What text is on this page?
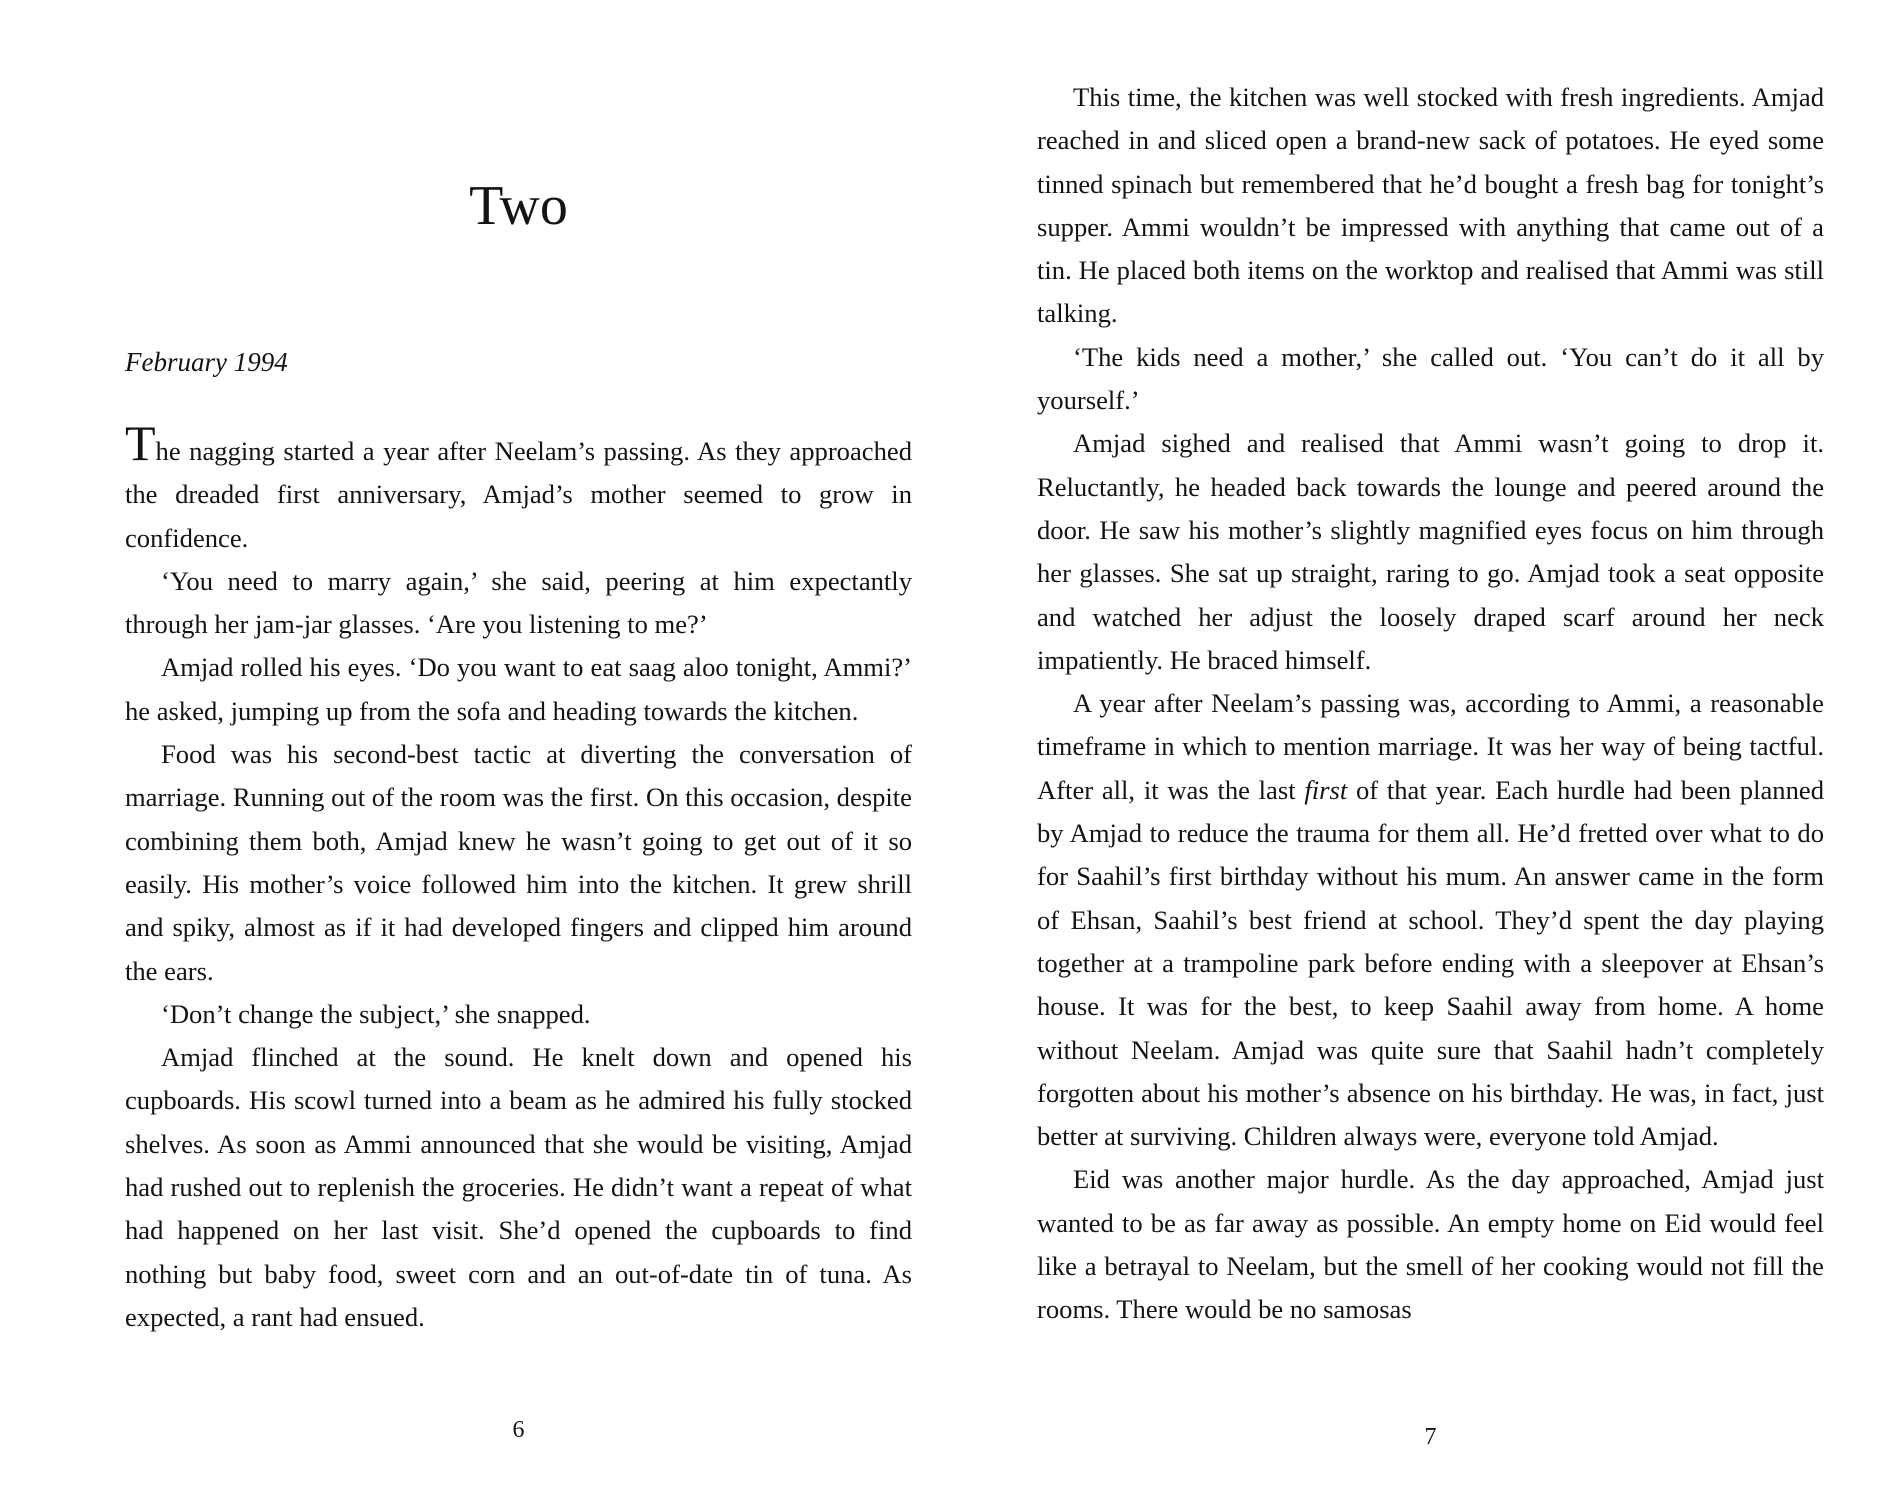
Two
February 1994

The nagging started a year after Neelam’s passing. As they approached the dreaded first anniversary, Amjad’s mother seemed to grow in confidence.

‘You need to marry again,’ she said, peering at him expectantly through her jam-jar glasses. ‘Are you listening to me?’

Amjad rolled his eyes. ‘Do you want to eat saag aloo tonight, Ammi?’ he asked, jumping up from the sofa and heading towards the kitchen.

Food was his second-best tactic at diverting the conversation of marriage. Running out of the room was the first. On this occasion, despite combining them both, Amjad knew he wasn’t going to get out of it so easily. His mother’s voice followed him into the kitchen. It grew shrill and spiky, almost as if it had developed fingers and clipped him around the ears.

‘Don’t change the subject,’ she snapped.

Amjad flinched at the sound. He knelt down and opened his cupboards. His scowl turned into a beam as he admired his fully stocked shelves. As soon as Ammi announced that she would be visiting, Amjad had rushed out to replenish the groceries. He didn’t want a repeat of what had happened on her last visit. She’d opened the cupboards to find nothing but baby food, sweet corn and an out-of-date tin of tuna. As expected, a rant had ensued.

6

This time, the kitchen was well stocked with fresh ingredients. Amjad reached in and sliced open a brand-new sack of potatoes. He eyed some tinned spinach but remembered that he’d bought a fresh bag for tonight’s supper. Ammi wouldn’t be impressed with anything that came out of a tin. He placed both items on the worktop and realised that Ammi was still talking.

‘The kids need a mother,’ she called out. ‘You can’t do it all by yourself.’

Amjad sighed and realised that Ammi wasn’t going to drop it. Reluctantly, he headed back towards the lounge and peered around the door. He saw his mother’s slightly magnified eyes focus on him through her glasses. She sat up straight, raring to go. Amjad took a seat opposite and watched her adjust the loosely draped scarf around her neck impatiently. He braced himself.

A year after Neelam’s passing was, according to Ammi, a reasonable timeframe in which to mention marriage. It was her way of being tactful. After all, it was the last first of that year. Each hurdle had been planned by Amjad to reduce the trauma for them all. He’d fretted over what to do for Saahil’s first birthday without his mum. An answer came in the form of Ehsan, Saahil’s best friend at school. They’d spent the day playing together at a trampoline park before ending with a sleepover at Ehsan’s house. It was for the best, to keep Saahil away from home. A home without Neelam. Amjad was quite sure that Saahil hadn’t completely forgotten about his mother’s absence on his birthday. He was, in fact, just better at surviving. Children always were, everyone told Amjad.

Eid was another major hurdle. As the day approached, Amjad just wanted to be as far away as possible. An empty home on Eid would feel like a betrayal to Neelam, but the smell of her cooking would not fill the rooms. There would be no samosas

7
